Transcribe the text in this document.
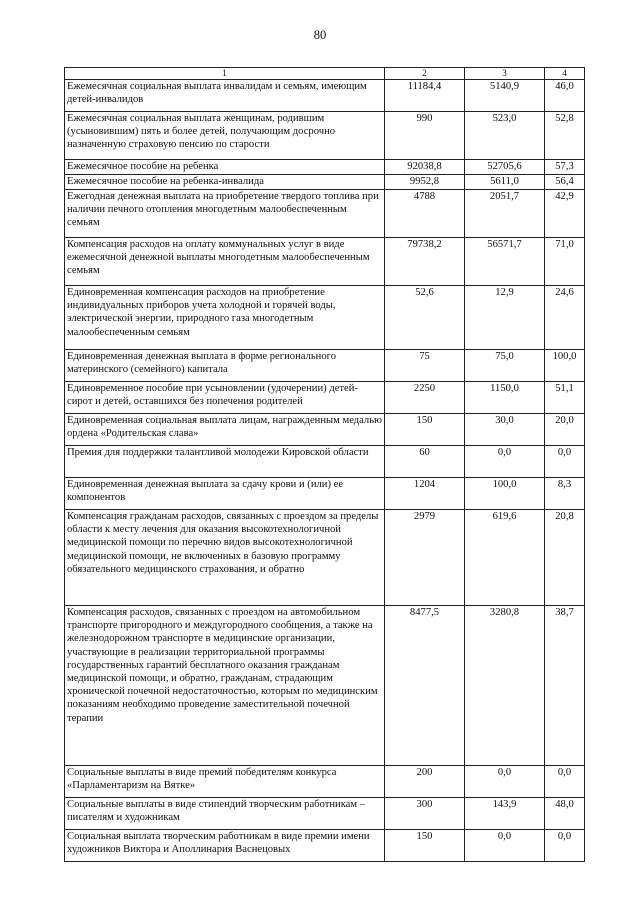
80
1	2	3	4
Ежемесячная социальная выплата инвалидам и семьям, имеющим детей-инвалидов	11184,4	5140,9	46,0
Ежемесячная социальная выплата женщинам, родившим (усыновившим) пять и более детей, получающим досрочно назначенную страховую пенсию по старости	990	523,0	52,8
Ежемесячное пособие на ребенка	92038,8	52705,6	57,3
Ежемесячное пособие на ребенка-инвалида	9952,8	5611,0	56,4
Ежегодная денежная выплата на приобретение твердого топлива при наличии печного отопления многодетным малообеспеченным семьям	4788	2051,7	42,9
Компенсация расходов на оплату коммунальных услуг в виде ежемесячной денежной выплаты многодетным малообеспеченным семьям	79738,2	56571,7	71,0
Единовременная компенсация расходов на приобретение индивидуальных приборов учета холодной и горячей воды, электрической энергии, природного газа многодетным малообеспеченным семьям	52,6	12,9	24,6
Единовременная денежная выплата в форме регионального материнского (семейного) капитала	75	75,0	100,0
Единовременное пособие при усыновлении (удочерении) детей-сирот и детей, оставшихся без попечения родителей	2250	1150,0	51,1
Единовременная социальная выплата лицам, награжденным медалью ордена «Родительская слава»	150	30,0	20,0
Премия для поддержки талантливой молодежи Кировской области	60	0,0	0,0
Единовременная денежная выплата за сдачу крови и (или) ее компонентов	1204	100,0	8,3
Компенсация гражданам расходов, связанных с проездом за пределы области к месту лечения для оказания высокотехнологичной медицинской помощи по перечню видов высокотехнологичной медицинской помощи, не включенных в базовую программу обязательного медицинского страхования, и обратно	2979	619,6	20,8
Компенсация расходов, связанных с проездом на автомобильном транспорте пригородного и междугородного сообщения, а также на железнодорожном транспорте в медицинские организации, участвующие в реализации территориальной программы государственных гарантий бесплатного оказания гражданам медицинской помощи, и обратно, гражданам, страдающим хронической почечной недостаточностью, которым по медицинским показаниям необходимо проведение заместительной почечной терапии	8477,5	3280,8	38,7
Социальные выплаты в виде премий победителям конкурса «Парламентаризм на Вятке»	200	0,0	0,0
Социальные выплаты в виде стипендий творческим работникам – писателям и художникам	300	143,9	48,0
Социальная выплата творческим работникам в виде премии имени художников Виктора и Аполлинария Васнецовых	150	0,0	0,0
